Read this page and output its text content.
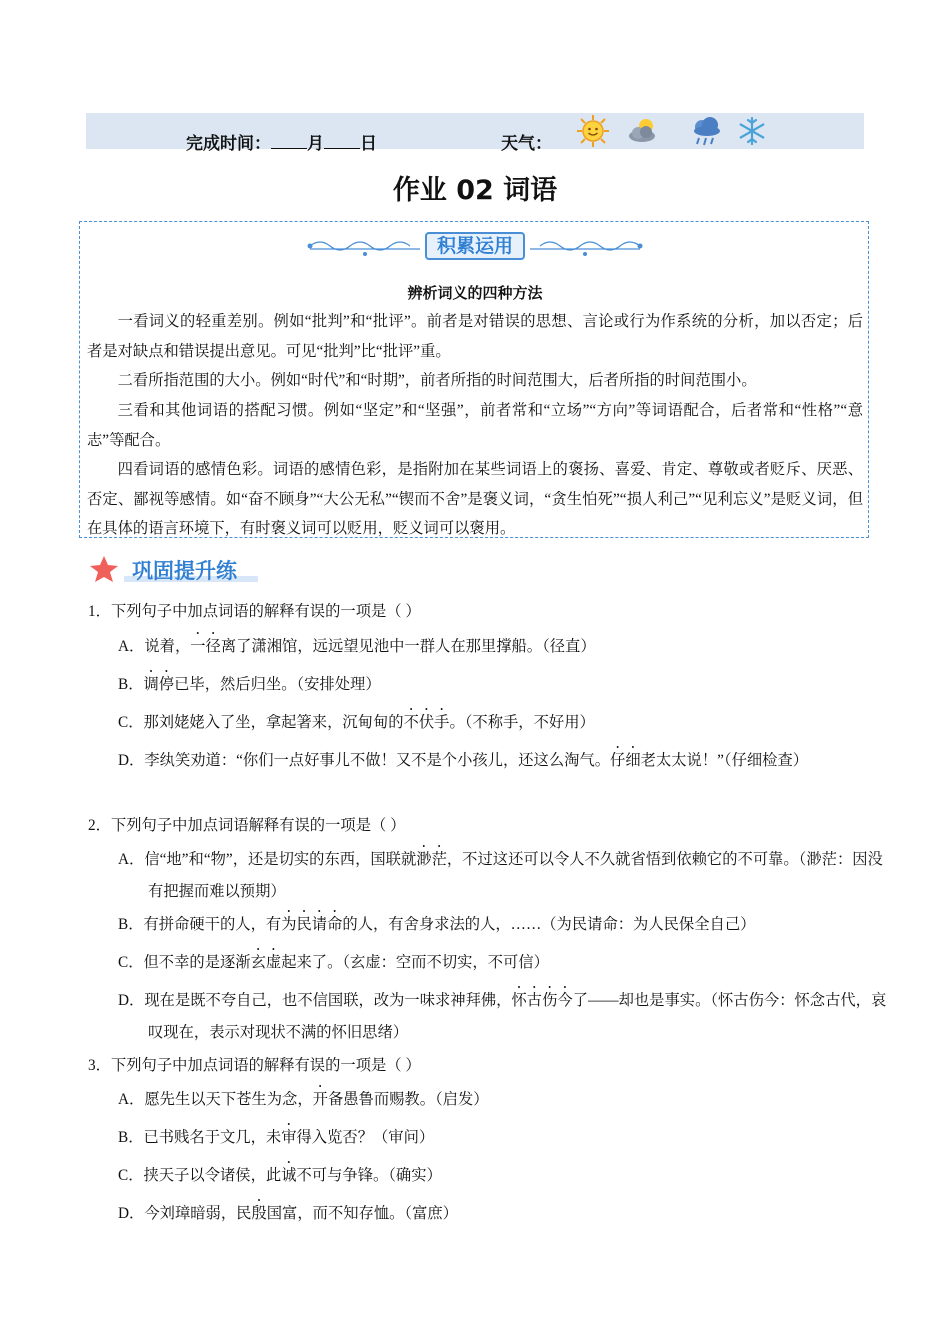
完成时间： 月 日	天气：
作业 02 词语
积累运用
辨析词义的四种方法

一看词义的轻重差别。例如“批判”和“批评”。前者是对错误的思想、言论或行为作系统的分析，加以否定；后者是对缺点和错误提出意见。可见“批判”比“批评”重。

二看所指范围的大小。例如“时代”和“时期”，前者所指的时间范围大，后者所指的时间范围小。

三看和其他词语的搭配习惯。例如“坚定”和“坚强”，前者常和“立场”“方向”等词语配合，后者常和“性格”“意志”等配合。

四看词语的感情色彩。词语的感情色彩，是指附加在某些词语上的褒扬、喜爱、肯定、尊敬或者贬斥、厌恶、否定、鄙视等感情。如“奋不顾身”“大公无私”“锲而不舍”是褒义词，“贪生怕死”“损人利己”“见利忘义”是贬义词，但在具体的语言环境下，有时褒义词可以贬用，贬义词可以褒用。

巩固提升练
1．下列句子中加点词语的解释有误的一项是（ ）

A．说着，一径离了潇湘馆，远远望见池中一群人在那里撑船。（径直）

B．调停已毕，然后归坐。（安排处理）

C．那刘姥姥入了坐，拿起箸来，沉甸甸的不伏手。（不称手，不好用）

D．李纨笑劝道：“你们一点好事儿不做！又不是个小孩儿，还这么淘气。仔细老太太说！”（仔细检查）

2．下列句子中加点词语解释有误的一项是（ ）

A．信“地”和“物”，还是切实的东西，国联就渺茫，不过这还可以令人不久就省悟到依赖它的不可靠。（渺茫：因没有把握而难以预期）

B．有拼命硬干的人，有为民请命的人，有舍身求法的人，……（为民请命：为人民保全自己）

C．但不幸的是逐渐玄虚起来了。（玄虚：空而不切实，不可信）

D．现在是既不夸自己，也不信国联，改为一味求神拜佛，怀古伤今了——却也是事实。（怀古伤今：怀念古代，哀叹现在，表示对现状不满的怀旧思绪）

3．下列句子中加点词语的解释有误的一项是（ ）

A．愿先生以天下苍生为念，开备愚鲁而赐教。（启发）

B．已书贱名于文几，未审得入览否？（审问）

C．挟天子以令诸侯，此诚不可与争锋。（确实）

D．今刘璋暗弱，民殷国富，而不知存恤。（富庶）
